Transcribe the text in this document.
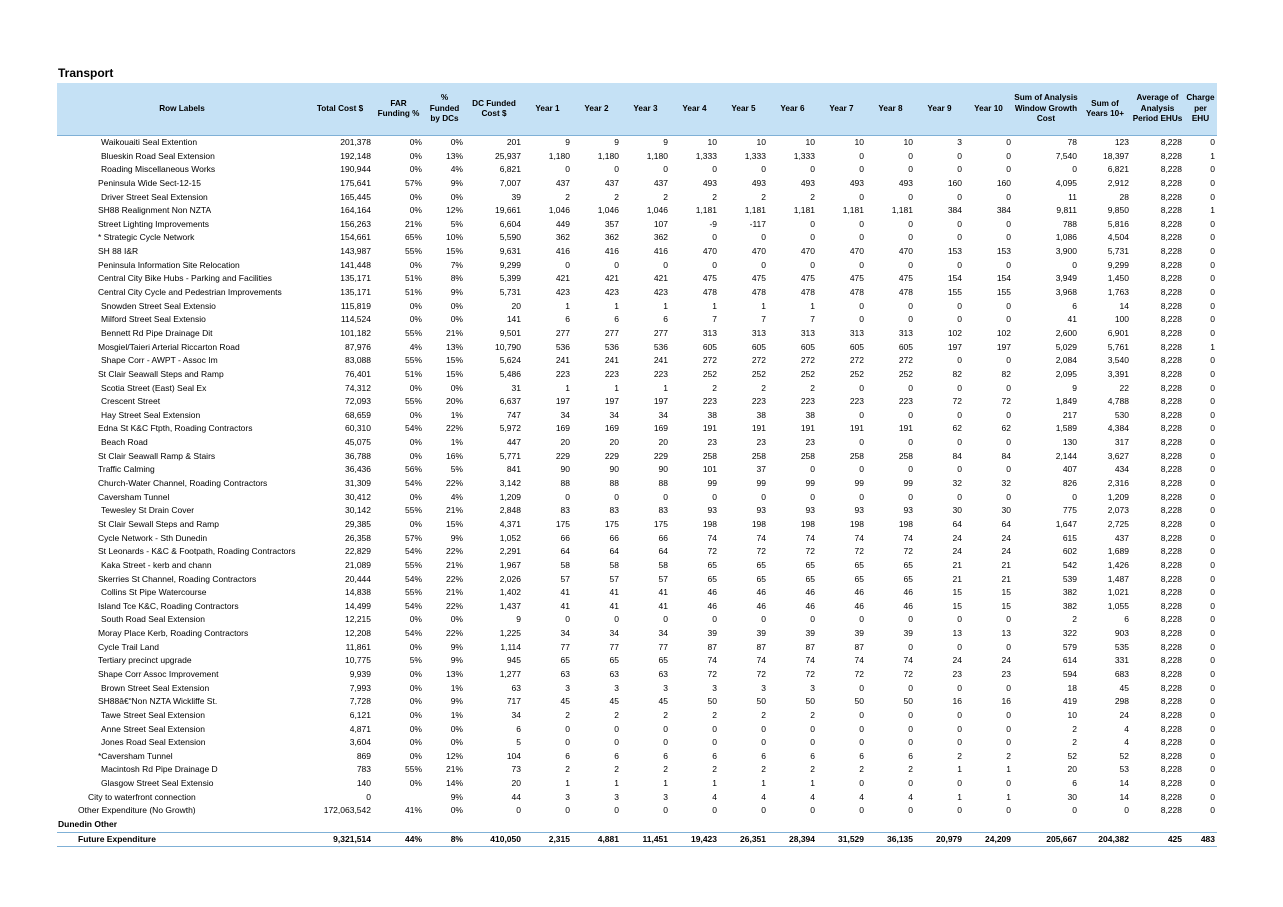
Transport
Row Labels	Total Cost $	FAR Funding %	% Funded by DCs	DC Funded Cost $	Year 1	Year 2	Year 3	Year 4	Year 5	Year 6	Year 7	Year 8	Year 9	Year 10	Sum of Analysis Window Growth Cost	Sum of Years 10+	Average of Analysis Period EHUs	Charge per EHU
Waikouaiti Seal Extention	201,378	0%	0%	201	9	9	9	10	10	10	10	10	3	0	78	123	8,228	0
Blueskin Road Seal Extension	192,148	0%	13%	25,937	1,180	1,180	1,180	1,333	1,333	1,333	0	0	0	0	7,540	18,397	8,228	1
Roading Miscellaneous Works	190,944	0%	4%	6,821	0	0	0	0	0	0	0	0	0	0	0	6,821	8,228	0
Peninsula Wide Sect-12-15	175,641	57%	9%	7,007	437	437	437	493	493	493	493	493	160	160	4,095	2,912	8,228	0
Driver Street Seal Extension	165,445	0%	0%	39	2	2	2	2	2	2	0	0	0	0	11	28	8,228	0
SH88 Realignment Non NZTA	164,164	0%	12%	19,661	1,046	1,046	1,046	1,181	1,181	1,181	1,181	1,181	384	384	9,811	9,850	8,228	1
Street Lighting Improvements	156,263	21%	5%	6,604	449	357	107	-9	-117	0	0	0	0	0	788	5,816	8,228	0
* Strategic Cycle Network	154,661	65%	10%	5,590	362	362	362	0	0	0	0	0	0	0	1,086	4,504	8,228	0
SH 88 I&R	143,987	55%	15%	9,631	416	416	416	470	470	470	470	470	153	153	3,900	5,731	8,228	0
Peninsula Information Site Relocation	141,448	0%	7%	9,299	0	0	0	0	0	0	0	0	0	0	0	9,299	8,228	0
Central City Bike Hubs - Parking and Facilities	135,171	51%	8%	5,399	421	421	421	475	475	475	475	475	154	154	3,949	1,450	8,228	0
Central City Cycle and Pedestrian Improvements	135,171	51%	9%	5,731	423	423	423	478	478	478	478	478	155	155	3,968	1,763	8,228	0
Snowden Street Seal Extensio	115,819	0%	0%	20	1	1	1	1	1	1	0	0	0	0	6	14	8,228	0
Milford Street Seal Extensio	114,524	0%	0%	141	6	6	6	7	7	7	0	0	0	0	41	100	8,228	0
Bennett Rd Pipe Drainage Dit	101,182	55%	21%	9,501	277	277	277	313	313	313	313	313	102	102	2,600	6,901	8,228	0
Mosgiel/Taieri Arterial Riccarton Road	87,976	4%	13%	10,790	536	536	536	605	605	605	605	605	197	197	5,029	5,761	8,228	1
Shape Corr - AWPT - Assoc Im	83,088	55%	15%	5,624	241	241	241	272	272	272	272	272	0	0	2,084	3,540	8,228	0
St Clair Seawall Steps and Ramp	76,401	51%	15%	5,486	223	223	223	252	252	252	252	252	82	82	2,095	3,391	8,228	0
Scotia Street (East) Seal Ex	74,312	0%	0%	31	1	1	1	2	2	2	0	0	0	0	9	22	8,228	0
Crescent Street	72,093	55%	20%	6,637	197	197	197	223	223	223	223	223	72	72	1,849	4,788	8,228	0
Hay Street Seal Extension	68,659	0%	1%	747	34	34	34	38	38	38	0	0	0	0	217	530	8,228	0
Edna St K&C Ftpth, Roading Contractors	60,310	54%	22%	5,972	169	169	169	191	191	191	191	191	62	62	1,589	4,384	8,228	0
Beach Road	45,075	0%	1%	447	20	20	20	23	23	23	0	0	0	0	130	317	8,228	0
St Clair Seawall Ramp & Stairs	36,788	0%	16%	5,771	229	229	229	258	258	258	258	258	84	84	2,144	3,627	8,228	0
Traffic Calming	36,436	56%	5%	841	90	90	90	101	37	0	0	0	0	0	407	434	8,228	0
Church-Water Channel, Roading Contractors	31,309	54%	22%	3,142	88	88	88	99	99	99	99	99	32	32	826	2,316	8,228	0
Caversham Tunnel	30,412	0%	4%	1,209	0	0	0	0	0	0	0	0	0	0	0	1,209	8,228	0
Tewesley St Drain Cover	30,142	55%	21%	2,848	83	83	83	93	93	93	93	93	30	30	775	2,073	8,228	0
St Clair Sewall Steps and Ramp	29,385	0%	15%	4,371	175	175	175	198	198	198	198	198	64	64	1,647	2,725	8,228	0
Cycle Network - Sth Dunedin	26,358	57%	9%	1,052	66	66	66	74	74	74	74	74	24	24	615	437	8,228	0
St Leonards - K&C & Footpath, Roading Contractors	22,829	54%	22%	2,291	64	64	64	72	72	72	72	72	24	24	602	1,689	8,228	0
Kaka Street - kerb and chann	21,089	55%	21%	1,967	58	58	58	65	65	65	65	65	21	21	542	1,426	8,228	0
Skerries St Channel, Roading Contractors	20,444	54%	22%	2,026	57	57	57	65	65	65	65	65	21	21	539	1,487	8,228	0
Collins St Pipe Watercourse	14,838	55%	21%	1,402	41	41	41	46	46	46	46	46	15	15	382	1,021	8,228	0
Island Tce K&C, Roading Contractors	14,499	54%	22%	1,437	41	41	41	46	46	46	46	46	15	15	382	1,055	8,228	0
South Road Seal Extension	12,215	0%	0%	9	0	0	0	0	0	0	0	0	0	0	2	6	8,228	0
Moray Place Kerb, Roading Contractors	12,208	54%	22%	1,225	34	34	34	39	39	39	39	39	13	13	322	903	8,228	0
Cycle Trail Land	11,861	0%	9%	1,114	77	77	77	87	87	87	87	0	0	0	579	535	8,228	0
Tertiary precinct upgrade	10,775	5%	9%	945	65	65	65	74	74	74	74	74	24	24	614	331	8,228	0
Shape Corr Assoc Improvement	9,939	0%	13%	1,277	63	63	63	72	72	72	72	72	23	23	594	683	8,228	0
Brown Street Seal Extension	7,993	0%	1%	63	3	3	3	3	3	3	0	0	0	0	18	45	8,228	0
SH88â€“Non NZTA Wickliffe St.	7,728	0%	9%	717	45	45	45	50	50	50	50	50	16	16	419	298	8,228	0
Tawe Street Seal Extension	6,121	0%	1%	34	2	2	2	2	2	2	0	0	0	0	10	24	8,228	0
Anne Street Seal Extension	4,871	0%	0%	6	0	0	0	0	0	0	0	0	0	0	2	4	8,228	0
Jones Road Seal Extension	3,604	0%	0%	5	0	0	0	0	0	0	0	0	0	0	2	4	8,228	0
*Caversham Tunnel	869	0%	12%	104	6	6	6	6	6	6	6	6	2	2	52	52	8,228	0
Macintosh Rd Pipe Drainage D	783	55%	21%	73	2	2	2	2	2	2	2	2	1	1	20	53	8,228	0
Glasgow Street Seal Extensio	140	0%	14%	20	1	1	1	1	1	1	0	0	0	0	6	14	8,228	0
City to waterfront connection	0		9%	44	3	3	3	4	4	4	4	4	1	1	30	14	8,228	0
Other Expenditure (No Growth)	172,063,542	41%	0%	0	0	0	0	0	0	0	0	0	0	0	0	0	8,228	0
Dunedin Other																		
Future Expenditure	9,321,514	44%	8%	410,050	2,315	4,881	11,451	19,423	26,351	28,394	31,529	36,135	20,979	24,209	205,667	204,382	425	483
